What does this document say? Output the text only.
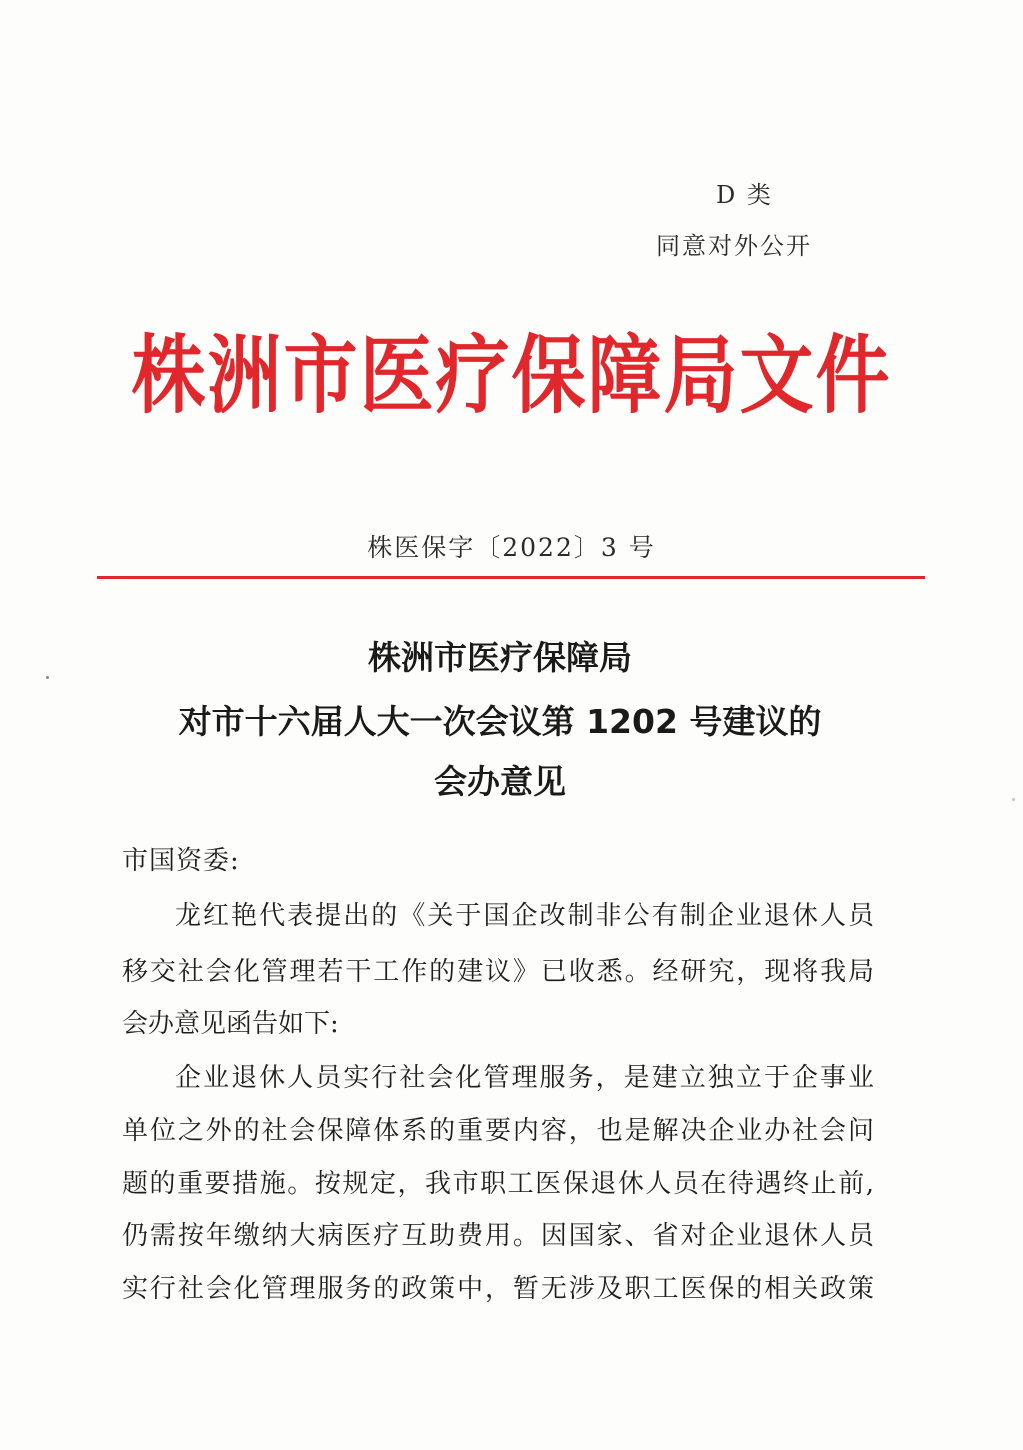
D 类
同意对外公开
株洲市医疗保障局文件
株医保字〔2022〕3 号
株洲市医疗保障局
对市十六届人大一次会议第 1202 号建议的
会办意见
市国资委:
龙红艳代表提出的《关于国企改制非公有制企业退休人员
移交社会化管理若干工作的建议》已收悉。经研究，现将我局
会办意见函告如下:
企业退休人员实行社会化管理服务，是建立独立于企事业
单位之外的社会保障体系的重要内容，也是解决企业办社会问
题的重要措施。按规定，我市职工医保退休人员在待遇终止前,
仍需按年缴纳大病医疗互助费用。因国家、省对企业退休人员
实行社会化管理服务的政策中，暂无涉及职工医保的相关政策
